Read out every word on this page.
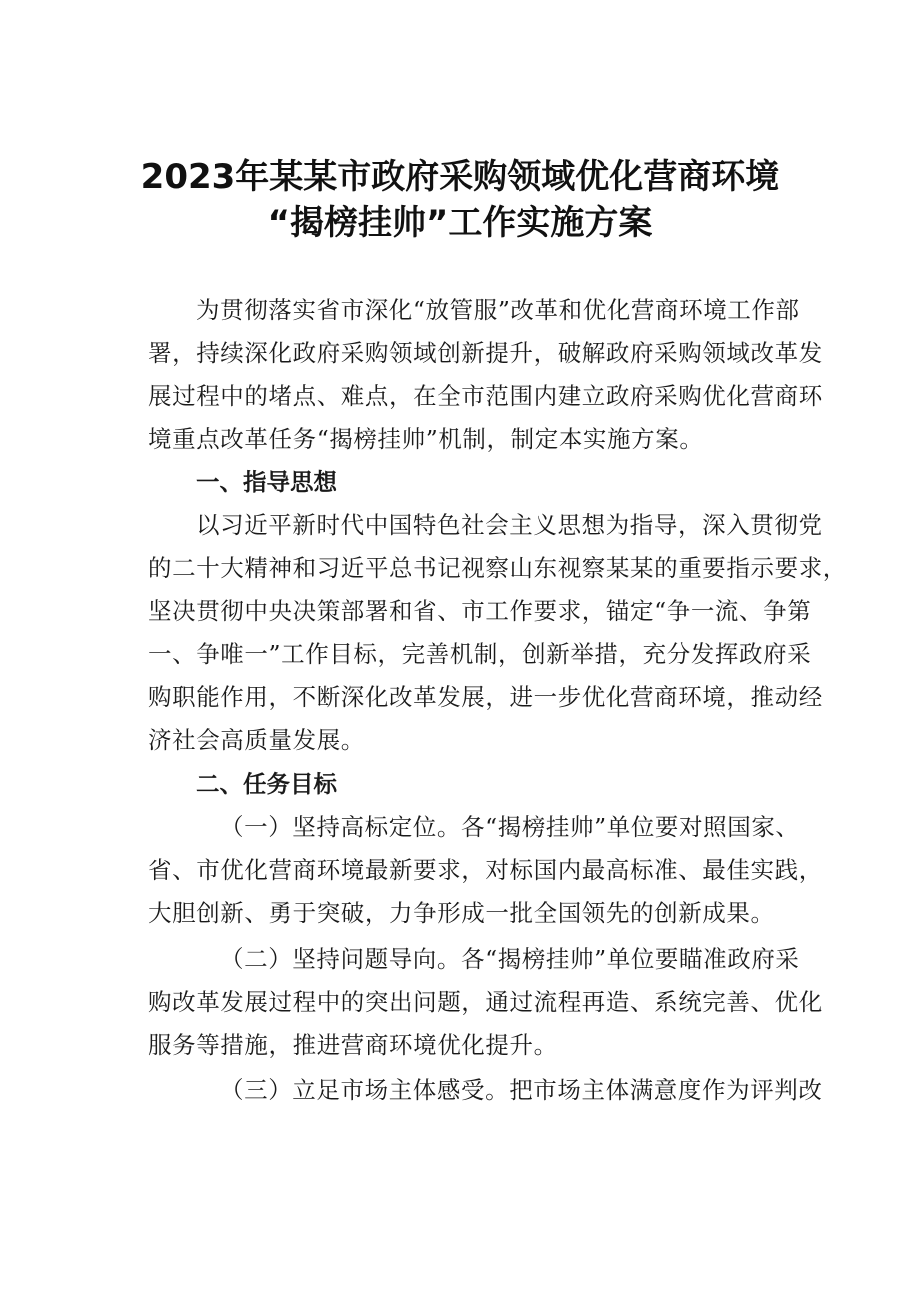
2023年某某市政府采购领域优化营商环境
“揭榜挂帅”工作实施方案
为贯彻落实省市深化“放管服”改革和优化营商环境工作部
署，持续深化政府采购领域创新提升，破解政府采购领域改革发
展过程中的堵点、难点，在全市范围内建立政府采购优化营商环
境重点改革任务“揭榜挂帅”机制，制定本实施方案。
一、指导思想
以习近平新时代中国特色社会主义思想为指导，深入贯彻党
的二十大精神和习近平总书记视察山东视察某某的重要指示要求，
坚决贯彻中央决策部署和省、市工作要求，锚定“争一流、争第
一、争唯一”工作目标，完善机制，创新举措，充分发挥政府采
购职能作用，不断深化改革发展，进一步优化营商环境，推动经
济社会高质量发展。
二、任务目标
（一）坚持高标定位。各“揭榜挂帅”单位要对照国家、
省、市优化营商环境最新要求，对标国内最高标准、最佳实践，
大胆创新、勇于突破，力争形成一批全国领先的创新成果。
（二）坚持问题导向。各“揭榜挂帅”单位要瞄准政府采
购改革发展过程中的突出问题，通过流程再造、系统完善、优化
服务等措施，推进营商环境优化提升。
（三）立足市场主体感受。把市场主体满意度作为评判改
